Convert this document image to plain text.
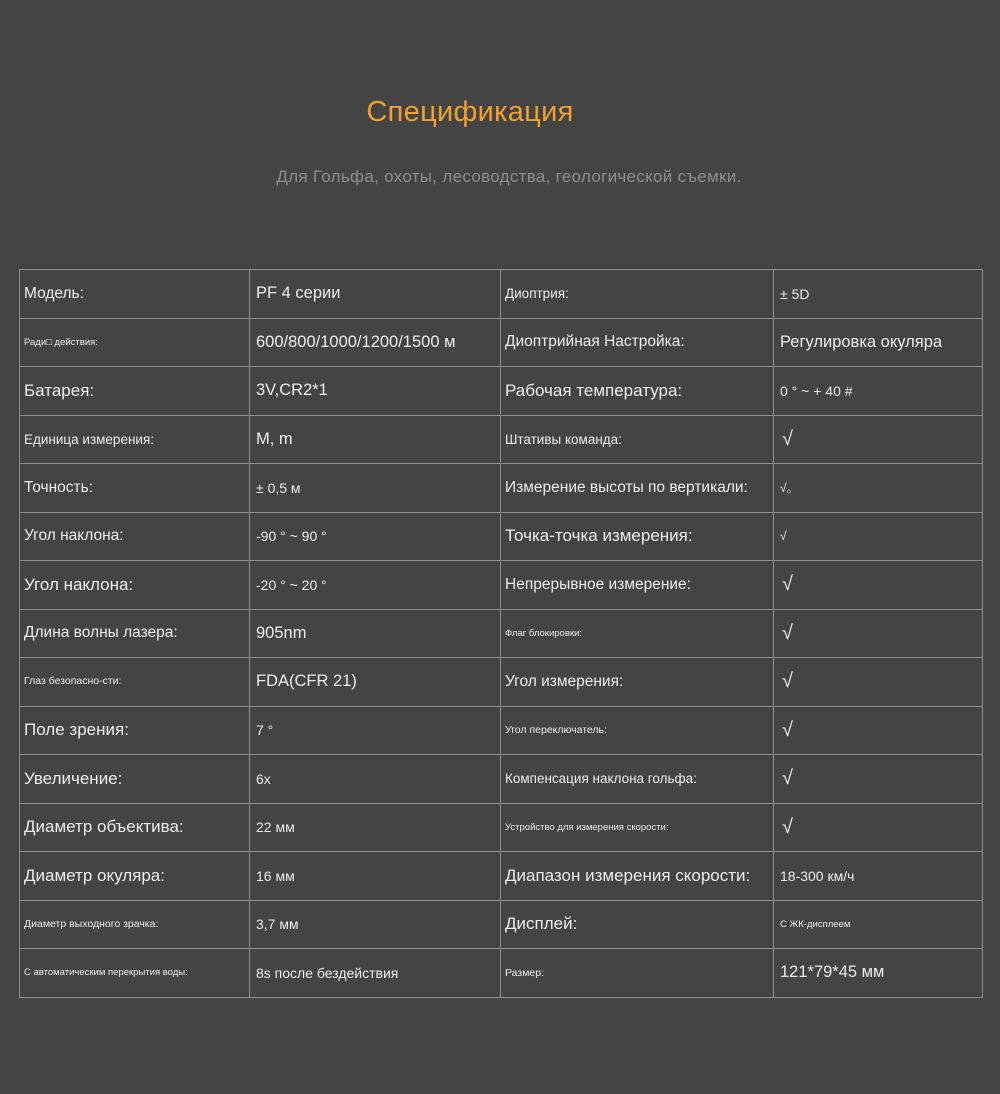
Спецификация
Для Гольфа, охоты, лесоводства, геологической съемки.
Модель:	PF 4 серии	Диоптрия:	± 5D
Ради□ действия:	600/800/1000/1200/1500 м	Диоптрийная Настройка:	Регулировка окуляра
Батарея:	3V,CR2*1	Рабочая температура:	0 ° ~ + 40 #
Единица измерения:	M, m	Штативы команда:	√
Точность:	± 0,5 м	Измерение высоты по вертикали:	√。
Угол наклона:	-90 ° ~ 90 °	Точка-точка измерения:	√
Угол наклона:	-20 ° ~ 20 °	Непрерывное измерение:	√
Длина волны лазера:	905nm	Флаг блокировки:	√
Глаз безопасно-сти:	FDA(CFR 21)	Угол измерения:	√
Поле зрения:	7 °	Угол переключатель:	√
Увеличение:	6x	Компенсация наклона гольфа:	√
Диаметр объектива:	22 мм	Устройство для измерения скорости:	√
Диаметр окуляра:	16 мм	Диапазон измерения скорости:	18-300 км/ч
Диаметр выходного зрачка:	3,7 мм	Дисплей:	С ЖК-дисплеем
С автоматическим перекрытия воды:	8s после бездействия	Размер:	121*79*45 мм
